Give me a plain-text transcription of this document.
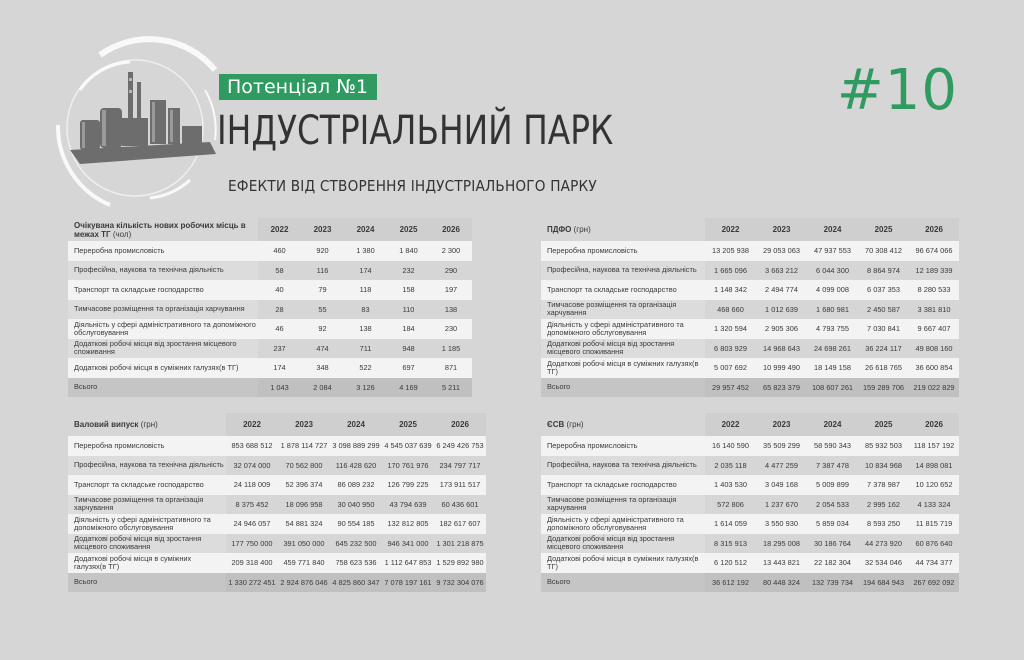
Потенціал №1
ІНДУСТРІАЛЬНИЙ ПАРК
ЕФЕКТИ ВІД СТВОРЕННЯ ІНДУСТРІАЛЬНОГО ПАРКУ
#10
Очікувана кількість нових робочих місць в межах ТГ (чол)	2022	2023	2024	2025	2026
Переробна промисловість	460	920	1 380	1 840	2 300
Професійна, наукова та технічна діяльність	58	116	174	232	290
Транспорт та складське господарство	40	79	118	158	197
Тимчасове розміщення та організація харчування	28	55	83	110	138
Діяльність у сфері адміністративного та допоміжного обслуговування	46	92	138	184	230
Додаткові робочі місця від зростання місцевого споживання	237	474	711	948	1 185
Додаткові робочі місця в суміжних галузях(в ТГ)	174	348	522	697	871
Всього	1 043	2 084	3 126	4 169	5 211
ПДФО (грн)	2022	2023	2024	2025	2026
Переробна промисловість	13 205 938	29 053 063	47 937 553	70 308 412	96 674 066
Професійна, наукова та технічна діяльність	1 665 096	3 663 212	6 044 300	8 864 974	12 189 339
Транспорт та складське господарство	1 148 342	2 494 774	4 099 008	6 037 353	8 280 533
Тимчасове розміщення та організація харчування	468 660	1 012 639	1 680 981	2 450 587	3 381 810
Діяльність у сфері адміністративного та допоміжного обслуговування	1 320 594	2 905 306	4 793 755	7 030 841	9 667 407
Додаткові робочі місця від зростання місцевого споживання	6 803 929	14 968 643	24 698 261	36 224 117	49 808 160
Додаткові робочі місця в суміжних галузях(в ТГ)	5 007 692	10 999 490	18 149 158	26 618 765	36 600 854
Всього	29 957 452	65 823 379	108 607 261	159 289 706	219 022 829
Валовий випуск (грн)	2022	2023	2024	2025	2026
Переробна промисловість	853 688 512	1 878 114 727	3 098 889 299	4 545 037 639	6 249 426 753
Професійна, наукова та технічна діяльність	32 074 000	70 562 800	116 428 620	170 761 976	234 797 717
Транспорт та складське господарство	24 118 009	52 396 374	86 089 232	126 799 225	173 911 517
Тимчасове розміщення та організація харчування	8 375 452	18 096 958	30 040 950	43 794 639	60 436 601
Діяльність у сфері адміністративного та допоміжного обслуговування	24 946 057	54 881 324	90 554 185	132 812 805	182 617 607
Додаткові робочі місця від зростання місцевого споживання	177 750 000	391 050 000	645 232 500	946 341 000	1 301 218 875
Додаткові робочі місця в суміжних галузях(в ТГ)	209 318 400	459 771 840	758 623 536	1 112 647 853	1 529 892 980
Всього	1 330 272 451	2 924 876 046	4 825 860 347	7 078 197 161	9 732 304 076
ЄСВ (грн)	2022	2023	2024	2025	2026
Переробна промисловість	16 140 590	35 509 299	58 590 343	85 932 503	118 157 192
Професійна, наукова та технічна діяльність	2 035 118	4 477 259	7 387 478	10 834 968	14 898 081
Транспорт та складське господарство	1 403 530	3 049 168	5 009 899	7 378 987	10 120 652
Тимчасове розміщення та організація харчування	572 806	1 237 670	2 054 533	2 995 162	4 133 324
Діяльність у сфері адміністративного та допоміжного обслуговування	1 614 059	3 550 930	5 859 034	8 593 250	11 815 719
Додаткові робочі місця від зростання місцевого споживання	8 315 913	18 295 008	30 186 764	44 273 920	60 876 640
Додаткові робочі місця в суміжних галузях(в ТГ)	6 120 512	13 443 821	22 182 304	32 534 046	44 734 377
Всього	36 612 192	80 448 324	132 739 734	194 684 943	267 692 092
